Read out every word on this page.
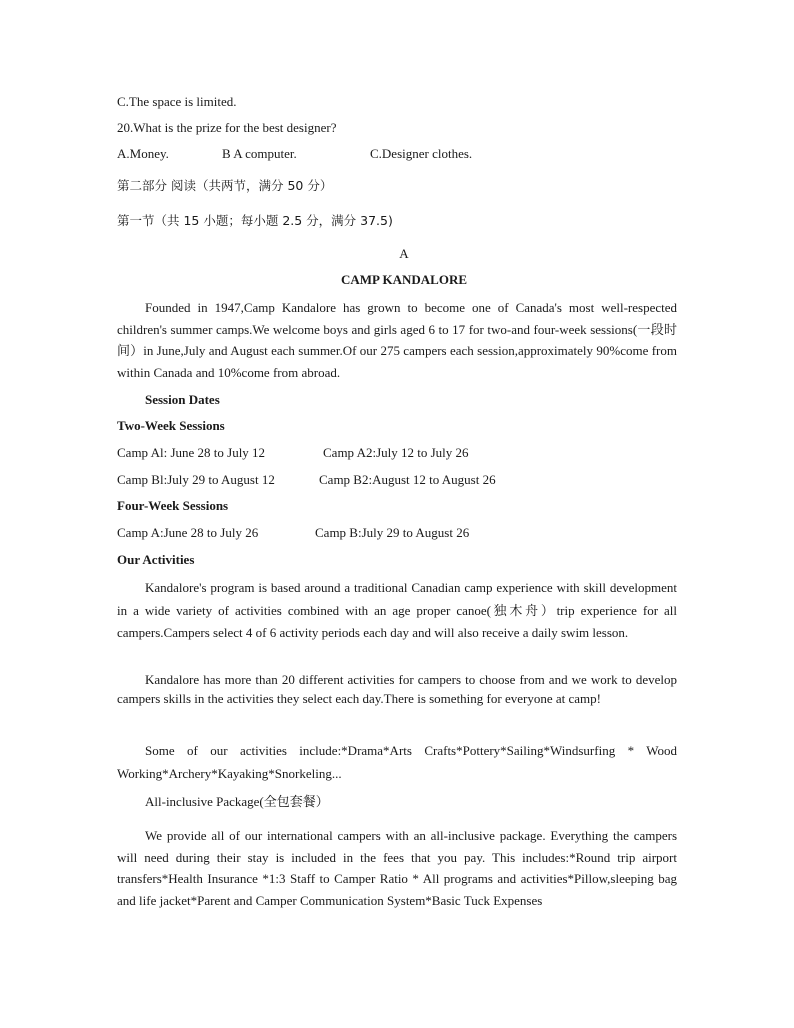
C.The space is limited.
20.What is the prize for the best designer?
A.Money.	B A computer.	C.Designer clothes.
第二部分 阅读（共两节，满分 50 分）
第一节（共 15 小题；每小题 2.5 分，满分 37.5)
A
CAMP KANDALORE
Founded in 1947,Camp Kandalore has grown to become one of Canada's most well-respected children's summer camps.We welcome boys and girls aged 6 to 17 for two-and four-week sessions(一段时间）in June,July and August each summer.Of our 275 campers each session,approximately 90%come from within Canada and 10%come from abroad.
Session Dates
Two-Week Sessions
Camp Al: June 28 to July 12	Camp A2:July 12 to July 26
Camp Bl:July 29 to August 12	Camp B2:August 12 to August 26
Four-Week Sessions
Camp A:June 28 to July 26	Camp B:July 29 to August 26
Our Activities
Kandalore's program is based around a traditional Canadian camp experience with skill development in a wide variety of activities combined with an age proper canoe(独木舟）trip experience for all campers.Campers select 4 of 6 activity periods each day and will also receive a daily swim lesson.
Kandalore has more than 20 different activities for campers to choose from and we work to develop campers skills in the activities they select each day.There is something for everyone at camp!
Some of our activities include:*Drama*Arts Crafts*Pottery*Sailing*Windsurfing * Wood Working*Archery*Kayaking*Snorkeling...
All-inclusive Package(全包套餐）
We provide all of our international campers with an all-inclusive package. Everything the campers will need during their stay is included in the fees that you pay. This includes:*Round trip airport transfers*Health Insurance *1:3 Staff to Camper Ratio * All programs and activities*Pillow,sleeping bag and life jacket*Parent and Camper Communication System*Basic Tuck Expenses
